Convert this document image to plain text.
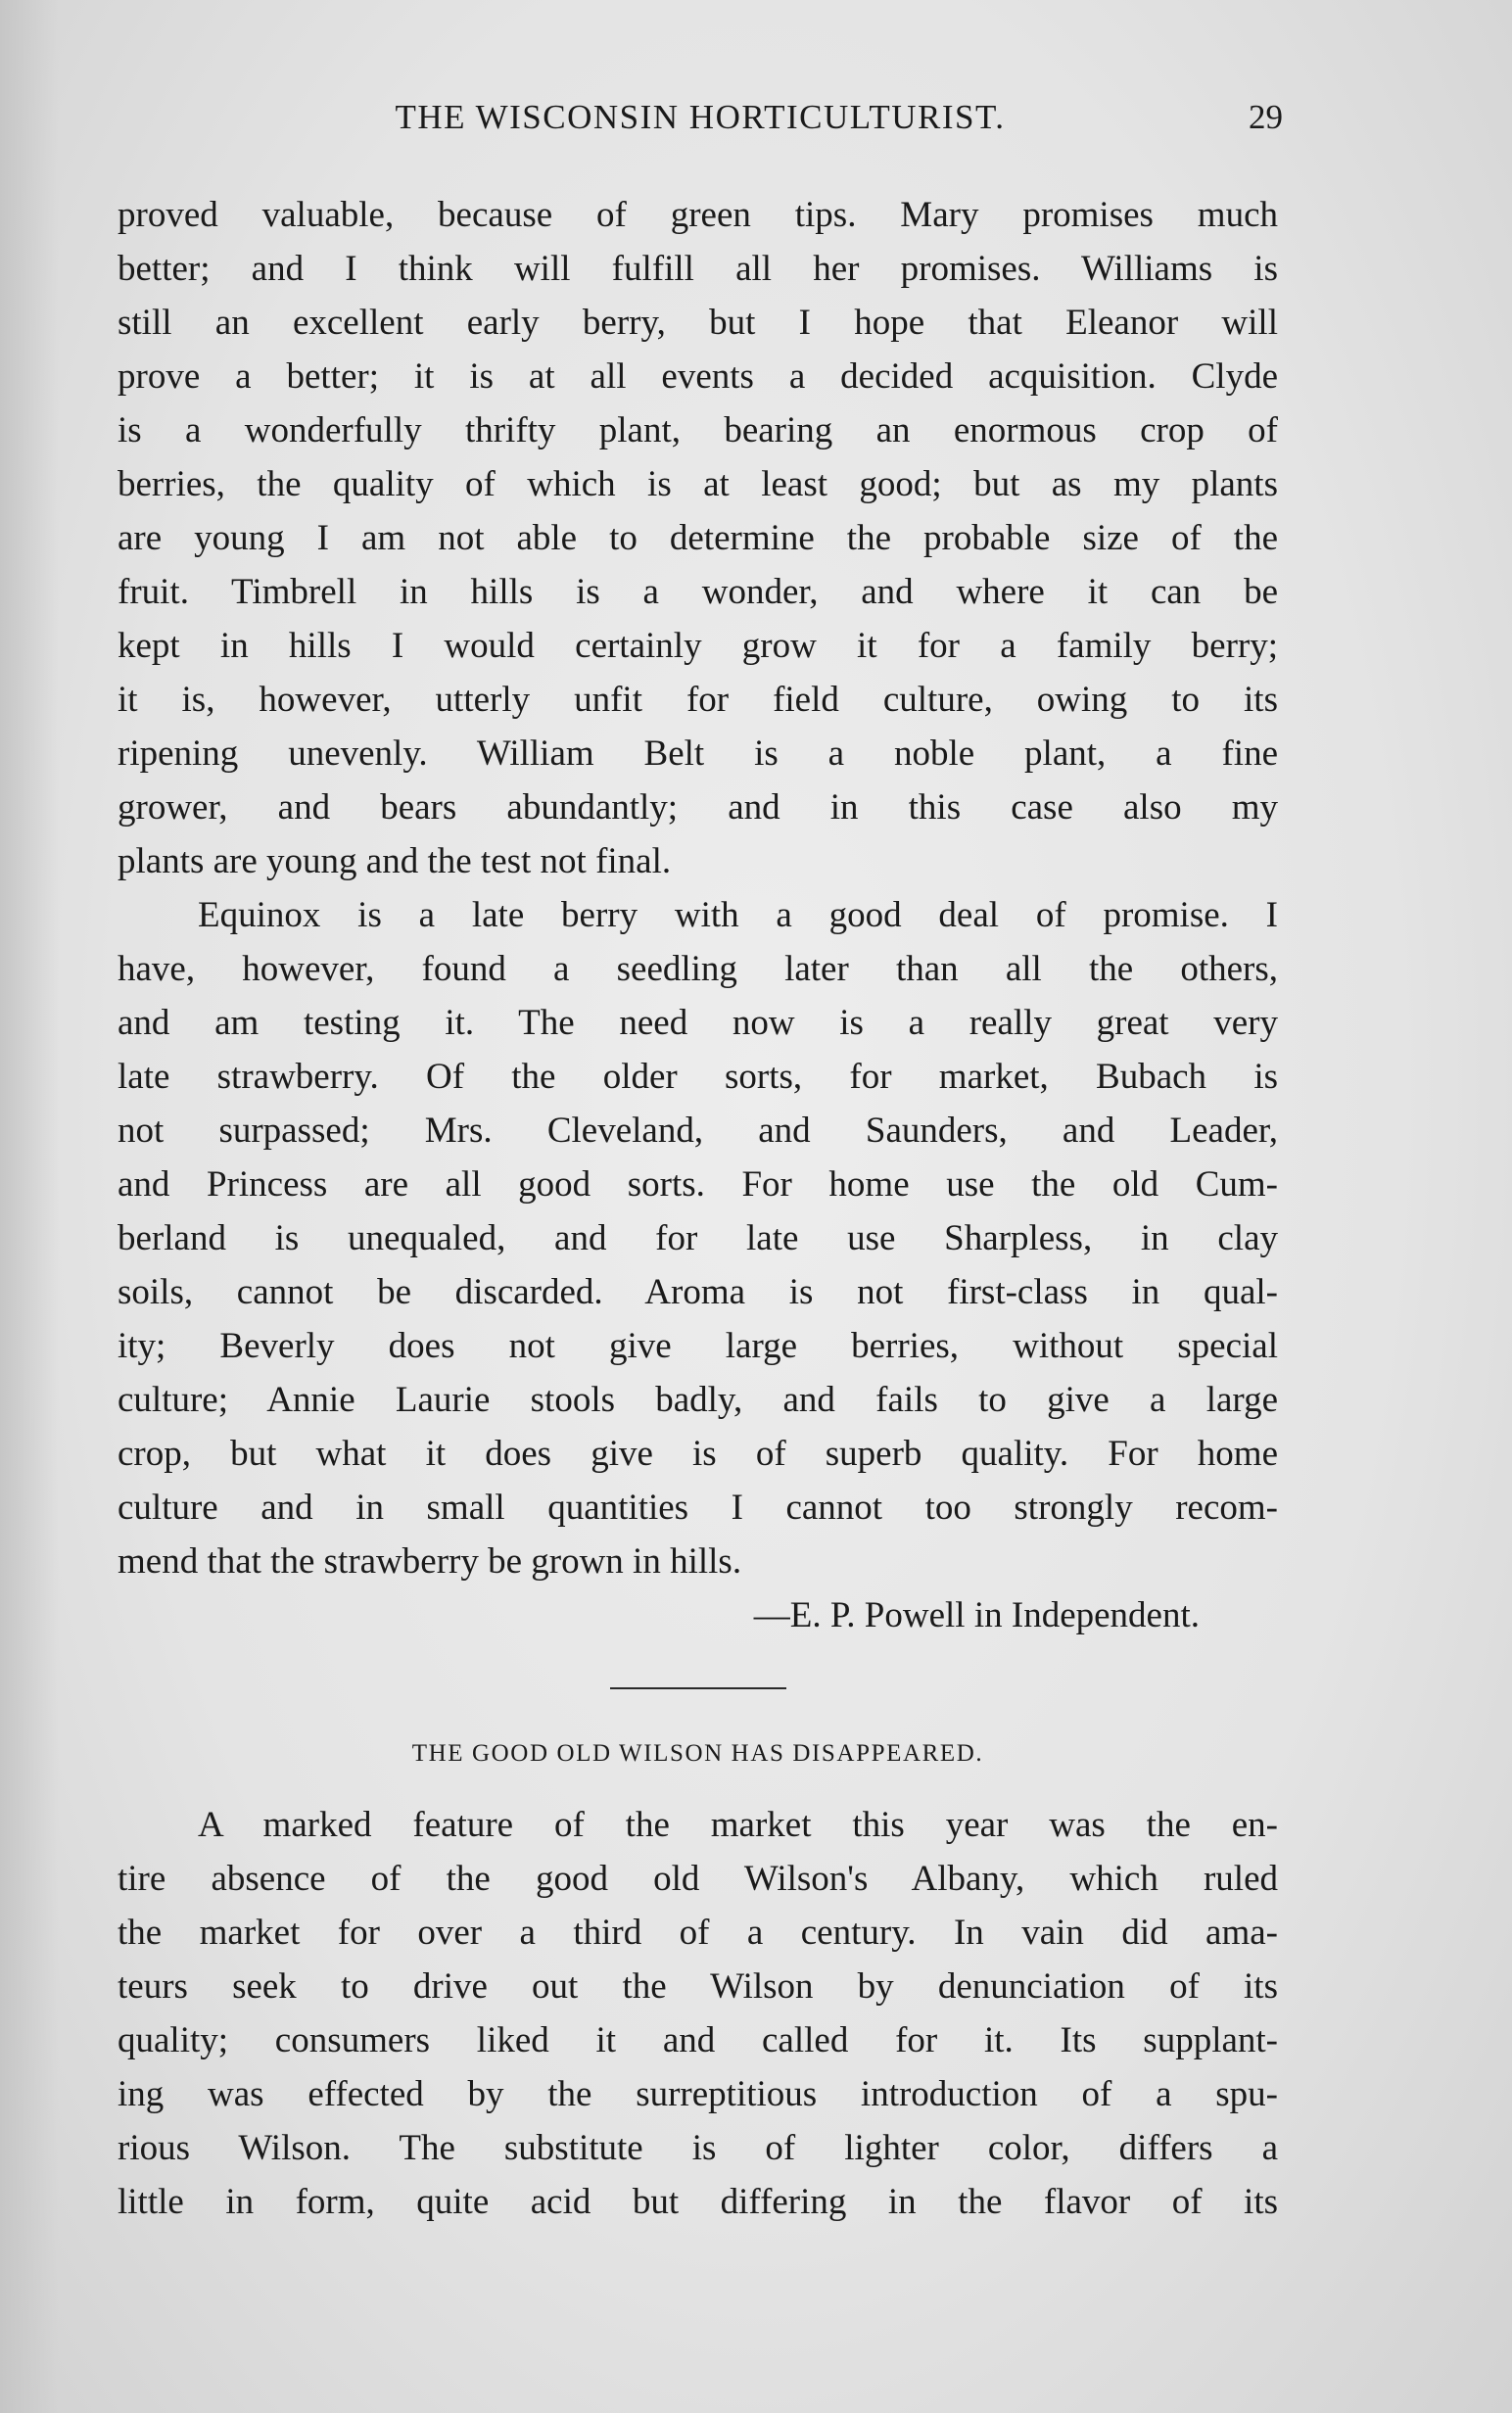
THE WISCONSIN HORTICULTURIST.	29
proved valuable, because of green tips. Mary promises much
better; and I think will fulfill all her promises. Williams is
still an excellent early berry, but I hope that Eleanor will
prove a better; it is at all events a decided acquisition. Clyde
is a wonderfully thrifty plant, bearing an enormous crop of
berries, the quality of which is at least good; but as my plants
are young I am not able to determine the probable size of the
fruit. Timbrell in hills is a wonder, and where it can be
kept in hills I would certainly grow it for a family berry;
it is, however, utterly unfit for field culture, owing to its
ripening unevenly. William Belt is a noble plant, a fine
grower, and bears abundantly; and in this case also my
plants are young and the test not final.
Equinox is a late berry with a good deal of promise. I
have, however, found a seedling later than all the others,
and am testing it. The need now is a really great very
late strawberry. Of the older sorts, for market, Bubach is
not surpassed; Mrs. Cleveland, and Saunders, and Leader,
and Princess are all good sorts. For home use the old Cum-
berland is unequaled, and for late use Sharpless, in clay
soils, cannot be discarded. Aroma is not first-class in qual-
ity; Beverly does not give large berries, without special
culture; Annie Laurie stools badly, and fails to give a large
crop, but what it does give is of superb quality. For home
culture and in small quantities I cannot too strongly recom-
mend that the strawberry be grown in hills.
—E. P. Powell in Independent.
THE GOOD OLD WILSON HAS DISAPPEARED.
A marked feature of the market this year was the en-
tire absence of the good old Wilson's Albany, which ruled
the market for over a third of a century. In vain did ama-
teurs seek to drive out the Wilson by denunciation of its
quality; consumers liked it and called for it. Its supplant-
ing was effected by the surreptitious introduction of a spu-
rious Wilson. The substitute is of lighter color, differs a
little in form, quite acid but differing in the flavor of its
